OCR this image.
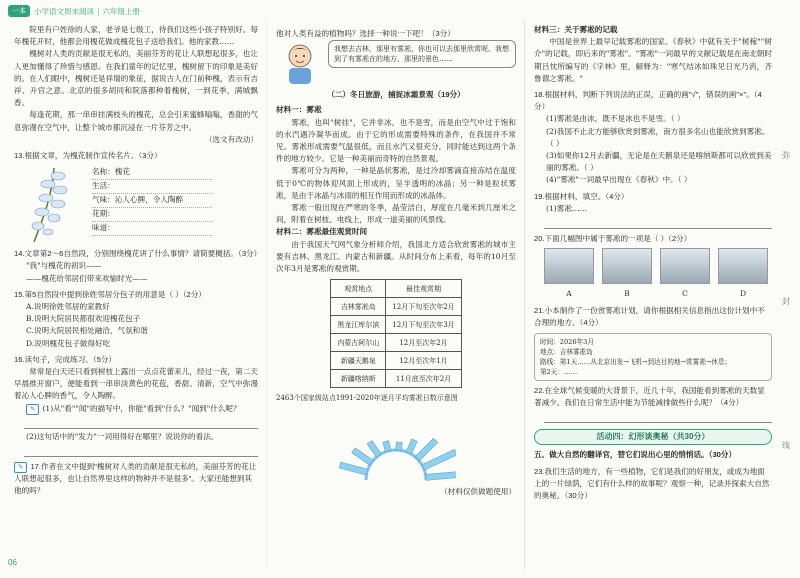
一本	小学语文周末阅读 | 六年级上册

院里有户姓徐的人家，老爷是七级工，待我们这些小孩子特别好。每年槐花开时，他都会用槐花做成槐花包子送给我们。他的家教……

槐树对人类的贡献是很无私的，美丽芬芳的花让人联想起很多，也让人更加懂得了珍惜与感恩。在我们童年的记忆里，槐树留下的印象是美好的。在人们眼中，槐树还是祥瑞的象征，据说古人在门前种槐，表示有吉祥、升官之意。北京的很多胡同和院落都种着槐树，一到花季，满城飘香。

每逢花期，那一串串挂满枝头的槐花，总会引来蜜蜂嗡嗡，香甜的气息弥漫在空气中，让整个城市都沉浸在一片芬芳之中。

（选文有改动）
13.根据文章，为槐花制作宣传名片。（3分）
名称：槐花
生活：
气味：沁人心脾，令人陶醉
花期：
味道：
14.文章第2～6自然段，分别围绕槐花讲了什么事情？请简要概括。（3分）
"我"与槐花的初识——
——槐花给邻居们带来欢愉时光——
15.第5自然段中提到徐姓邻居分包子的用意是（ ）（2分）
A.说明徐姓邻居的家教好
B.说明大院居民都很欢迎槐花包子
C.说明大院居民相处融洽，气氛和谐
D.说明槐花包子做得好吃
16.读句子，完成练习。（5分）

常常是白天还只看到树枝上露出一点点花蕾来儿，经过一夜，第二天早晨推开窗户，便能看到一串串淡黄色的花苞，香甜、清新，空气中弥漫着沁人心脾的香气，令人陶醉。

✎ (1)从"看""闻"的描写中，你能"看到"什么？"闻到"什么呢？
(2)这句话中的"发力"一词用得好在哪里？说说你的看法。
✎ 17.作者在文中提到"槐树对人类的贡献是很无私的，美丽芬芳的花让人联想起很多，也让自然界里这样的物种并不是很多"。大家还能想到其他的吗？
他对人类有益的植物吗？选择一种说一下吧！（3分）
我想去吉林，那里有雾凇，你也可以去那里欣赏呢。我想到了有雾凇在的地方，那里的景色……
（二）冬日旅游，捕捉冰霜景观（19分）
材料一：雾凇

雾凇，也叫"树挂"，它并非冰，也不是雪，而是由空气中过于饱和的水汽遇冷凝华而成。由于它的形成需要特殊的条件，在我国并不常见。雾凇形成需要气温很低，而且水汽又很充分，同时能达到这两个条件的地方较少。它是一种美丽而奇特的自然景观。

雾凇可分为两种，一种是晶状雾凇，是过冷却雾滴直接冻结在温度低于0℃的物体迎风面上形成的，呈半透明的冰晶；另一种是粒状雾凇，是由于冰晶与冰雨的相互作用而形成的冰晶体。

雾凇一般出现在严寒的冬季，晶莹洁白，厚度在几毫米到几厘米之间，附着在树枝、电线上，形成一道美丽的风景线。

材料二：雾凇最佳观赏时间

由于我国天气网气象分析师介绍，我国北方适合欣赏雾凇的城市主要有吉林、黑龙江、内蒙古和新疆。从时间分布上来看，每年的10月至次年3月是雾凇的观赏期。

观赏地点	最佳观赏期
吉林雾凇岛	12月下旬至次年2月
黑龙江库尔滨	12月下旬至次年3月
内蒙古阿尔山	12月至次年2月
新疆天鹅泉	12月至次年1月
新疆喀纳斯	11月底至次年2月
2463个国家级站点1991-2020年逐月平均雾凇日数示意图
（材料仅供做题使用）
材料三：关于雾凇的记载

中国是世界上最早记载雾凇的国家。《春秋》中就有关于"树稼""树介"的记载，即后来的"雾凇"。"雾凇"一词最早的文献记载是在南北朝时期吕忱所编写的《字林》里，解释为："寒气结冰如珠见日光乃消，齐鲁谓之雾凇。"

18.根据材料，判断下列说法的正误，正确的画"√"，错误的画"×"。（4分）
(1)雾凇是由冰，既不是冰也不是雪。（ ）
(2)我国不止北方能够欣赏到雾凇，南方很多名山也能欣赏到雾凇。（ ）
(3)如果你12月去新疆，无论是在天鹅泉还是喀纳斯都可以欣赏到美丽的雾凇。（ ）
(4)"雾凇"一词最早出现在《春秋》中。（ ）
19.根据材料，填空。（4分）
(1)雾凇……
20.下面几幅图中属于雾凇的一项是（ ）（2分）
A	B	C	D
21.小本制作了一份赏雾凇计划，请你根据相关信息指出这份计划中不合理的地方。（4分）
时间：2026年3月
地点：吉林雾凇岛
路线：第1天……从北京出发→飞机→到达目的地→赏雾凇→休息；
第2天：……
22.在全球气候变暖的大背景下，近几十年，我国能看到雾凇的天数显著减少。我们在日常生活中能为节能减排做些什么呢？（4分）
活动四：幻形谈奥秘（共30分）
五、做大自然的翻译官，替它们说出心里的悄悄话。（30分）
23.我们生活的地方，有一些植物，它们是我们的好朋友，或成为地面上的一片绿荫，它们有什么样的故事呢？观察一种，记录并探索大自然的奥秘。（30分）
06
弥
封
线
